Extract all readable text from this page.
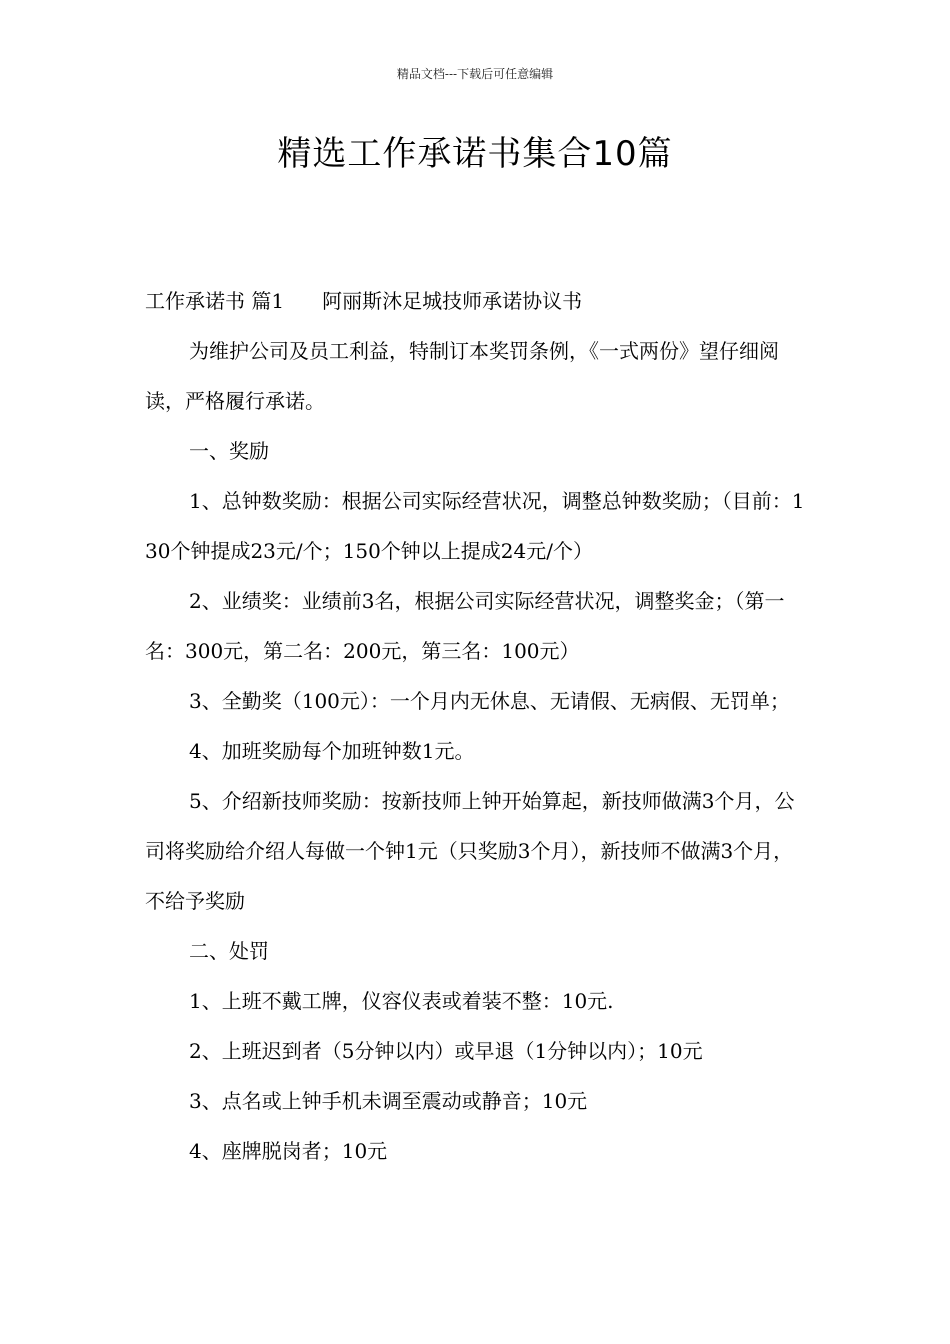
精品文档---下载后可任意编辑
精选工作承诺书集合10篇

工作承诺书 篇1 阿丽斯沐足城技师承诺协议书

为维护公司及员工利益，特制订本奖罚条例，《一式两份》望仔细阅读，严格履行承诺。

一、奖励

1、总钟数奖励：根据公司实际经营状况，调整总钟数奖励；（目前：130个钟提成23元/个；150个钟以上提成24元/个）

2、业绩奖：业绩前3名，根据公司实际经营状况，调整奖金；（第一名：300元，第二名：200元，第三名：100元）

3、全勤奖（100元）：一个月内无休息、无请假、无病假、无罚单；

4、加班奖励每个加班钟数1元。

5、介绍新技师奖励：按新技师上钟开始算起，新技师做满3个月，公司将奖励给介绍人每做一个钟1元（只奖励3个月），新技师不做满3个月，不给予奖励

二、处罚

1、上班不戴工牌，仪容仪表或着装不整：10元.

2、上班迟到者（5分钟以内）或早退（1分钟以内）；10元

3、点名或上钟手机未调至震动或静音；10元

4、座牌脱岗者；10元
